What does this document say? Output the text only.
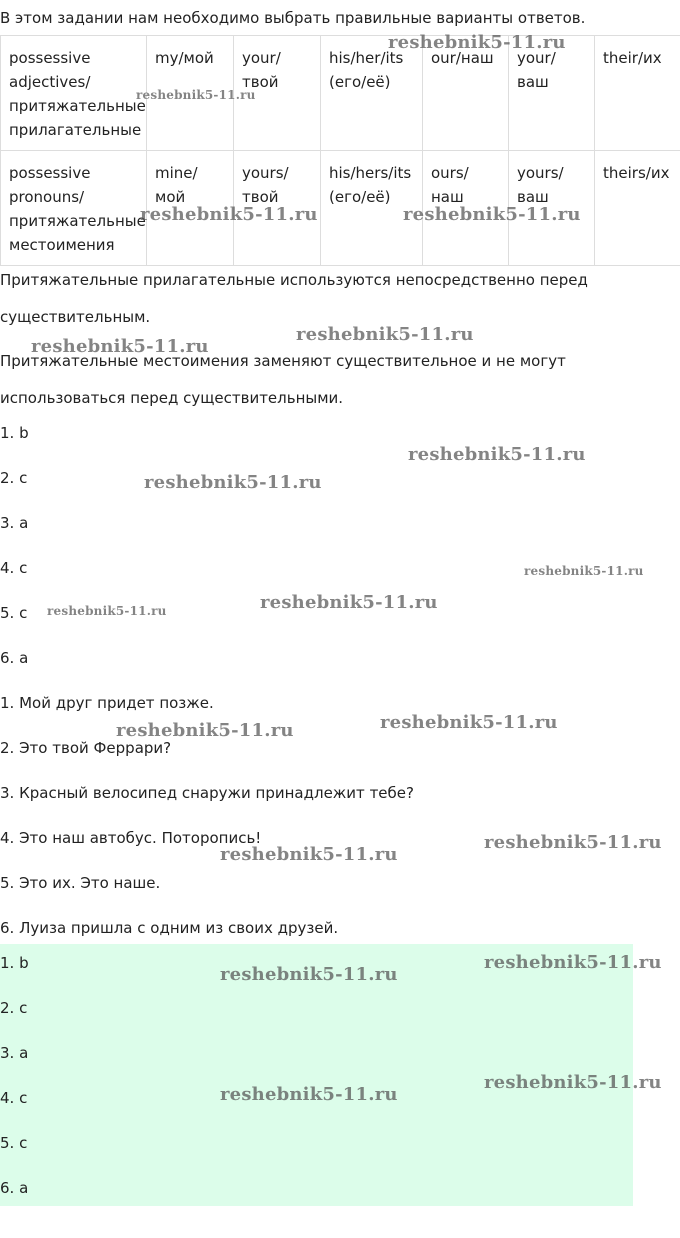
В этом задании нам необходимо выбрать правильные варианты ответов.
possessive adjectives/ притяжательные прилагательные	my/мой	your/ твой	his/her/its (его/её)	our/наш	your/ ваш	their/их
possessive pronouns/ притяжательные местоимения	mine/ мой	yours/ твой	his/hers/its (его/её)	ours/ наш	yours/ ваш	theirs/их
Притяжательные прилагательные используются непосредственно перед существительным.
Притяжательные местоимения заменяют существительное и не могут использоваться перед существительными.
1. b
2. c
3. a
4. c
5. c
6. a
1. Мой друг придет позже.
2. Это твой Феррари?
3. Красный велосипед снаружи принадлежит тебе?
4. Это наш автобус. Поторопись!
5. Это их. Это наше.
6. Луиза пришла с одним из своих друзей.
1. b
2. c
3. a
4. c
5. c
6. a
reshebnik5-11.ru
reshebnik5-11.ru
reshebnik5-11.ru	reshebnik5-11.ru
reshebnik5-11.ru
reshebnik5-11.ru
reshebnik5-11.ru
reshebnik5-11.ru
reshebnik5-11.ru
reshebnik5-11.ru
reshebnik5-11.ru
reshebnik5-11.ru
reshebnik5-11.ru
reshebnik5-11.ru
reshebnik5-11.ru
reshebnik5-11.ru
reshebnik5-11.ru
reshebnik5-11.ru
reshebnik5-11.ru
